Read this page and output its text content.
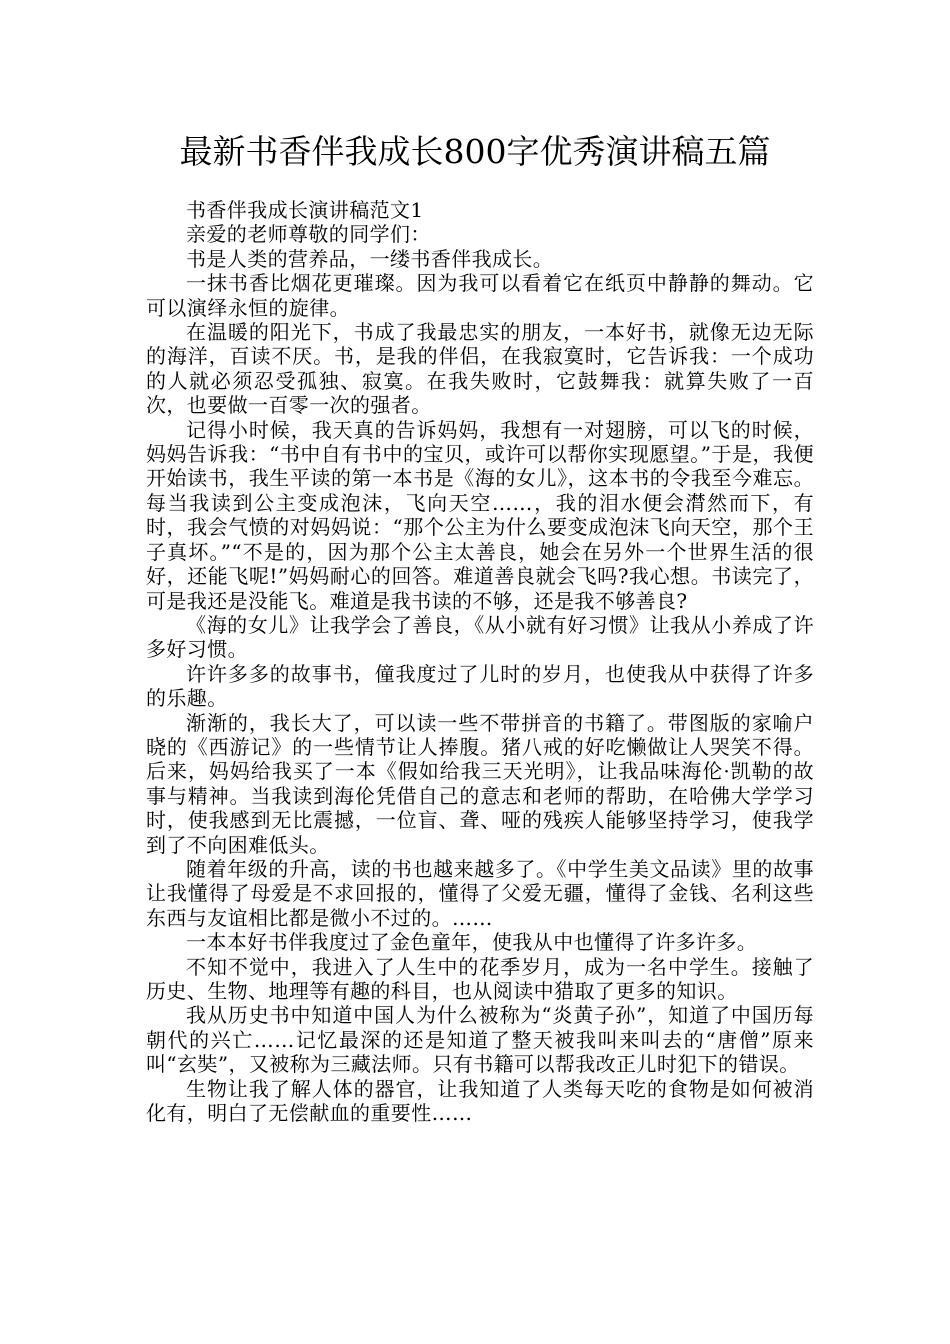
最新书香伴我成长800字优秀演讲稿五篇

书香伴我成长演讲稿范文1

亲爱的老师尊敬的同学们：

书是人类的营养品，一缕书香伴我成长。

一抹书香比烟花更璀璨。因为我可以看着它在纸页中静静的舞动。它可以演绎永恒的旋律。

在温暖的阳光下，书成了我最忠实的朋友，一本好书，就像无边无际的海洋，百读不厌。书，是我的伴侣，在我寂寞时，它告诉我：一个成功的人就必须忍受孤独、寂寞。在我失败时，它鼓舞我：就算失败了一百次，也要做一百零一次的强者。

记得小时候，我天真的告诉妈妈，我想有一对翅膀，可以飞的时候，妈妈告诉我：“书中自有书中的宝贝，或许可以帮你实现愿望。”于是，我便开始读书，我生平读的第一本书是《海的女儿》，这本书的令我至今难忘。每当我读到公主变成泡沫，飞向天空……，我的泪水便会潸然而下，有时，我会气愤的对妈妈说：“那个公主为什么要变成泡沫飞向天空，那个王子真坏。”“不是的，因为那个公主太善良，她会在另外一个世界生活的很好，还能飞呢!”妈妈耐心的回答。难道善良就会飞吗?我心想。书读完了，可是我还是没能飞。难道是我书读的不够，还是我不够善良?

《海的女儿》让我学会了善良，《从小就有好习惯》让我从小养成了许多好习惯。

许许多多的故事书，僮我度过了儿时的岁月，也使我从中获得了许多的乐趣。

渐渐的，我长大了，可以读一些不带拼音的书籍了。带图版的家喻户晓的《西游记》的一些情节让人捧腹。猪八戒的好吃懒做让人哭笑不得。后来，妈妈给我买了一本《假如给我三天光明》，让我品味海伦·凯勒的故事与精神。当我读到海伦凭借自己的意志和老师的帮助，在哈佛大学学习时，使我感到无比震撼，一位盲、聋、哑的残疾人能够坚持学习，使我学到了不向困难低头。

随着年级的升高，读的书也越来越多了。《中学生美文品读》里的故事让我懂得了母爱是不求回报的，懂得了父爱无疆，懂得了金钱、名利这些东西与友谊相比都是微小不过的。……

一本本好书伴我度过了金色童年，使我从中也懂得了许多许多。

不知不觉中，我进入了人生中的花季岁月，成为一名中学生。接触了历史、生物、地理等有趣的科目，也从阅读中猎取了更多的知识。

我从历史书中知道中国人为什么被称为“炎黄子孙”，知道了中国历每朝代的兴亡……记忆最深的还是知道了整天被我叫来叫去的“唐僧”原来叫“玄奘”，又被称为三藏法师。只有书籍可以帮我改正儿时犯下的错误。

生物让我了解人体的器官，让我知道了人类每天吃的食物是如何被消化有，明白了无偿献血的重要性……
